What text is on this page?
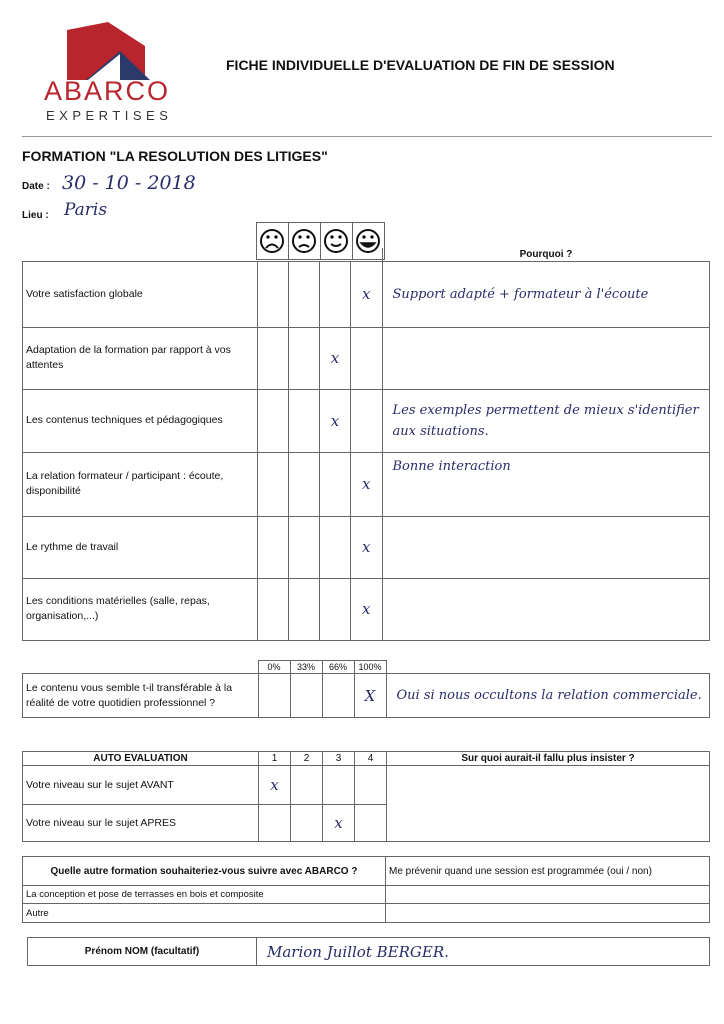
ABARCO
EXPERTISES
FICHE INDIVIDUELLE D'EVALUATION DE FIN DE SESSION
FORMATION "LA RESOLUTION DES LITIGES"
Date : 30 - 10 - 2018
Lieu : Paris
					Pourquoi ?
Votre satisfaction globale				x	Support adapté + formateur à l'écoute
Adaptation de la formation par rapport à vos attentes			x		
Les contenus techniques et pédagogiques			x		Les exemples permettent de mieux s'identifier aux situations.
La relation formateur / participant : écoute, disponibilité				x	Bonne interaction
Le rythme de travail				x	
Les conditions matérielles (salle, repas, organisation,...)				x	
	0%	33%	66%	100%	
Le contenu vous semble t-il transférable à la réalité de votre quotidien professionnel ?				X	Oui si nous occultons la relation commerciale.
AUTO EVALUATION	1	2	3	4	Sur quoi aurait-il fallu plus insister ?
Votre niveau sur le sujet AVANT	x				
Votre niveau sur le sujet APRES			x		
Quelle autre formation souhaiteriez-vous suivre avec ABARCO ?	Me prévenir quand une session est programmée (oui / non)
La conception et pose de terrasses en bois et composite	
Autre	
Prénom NOM (facultatif)	Marion Juillot BERGER.
